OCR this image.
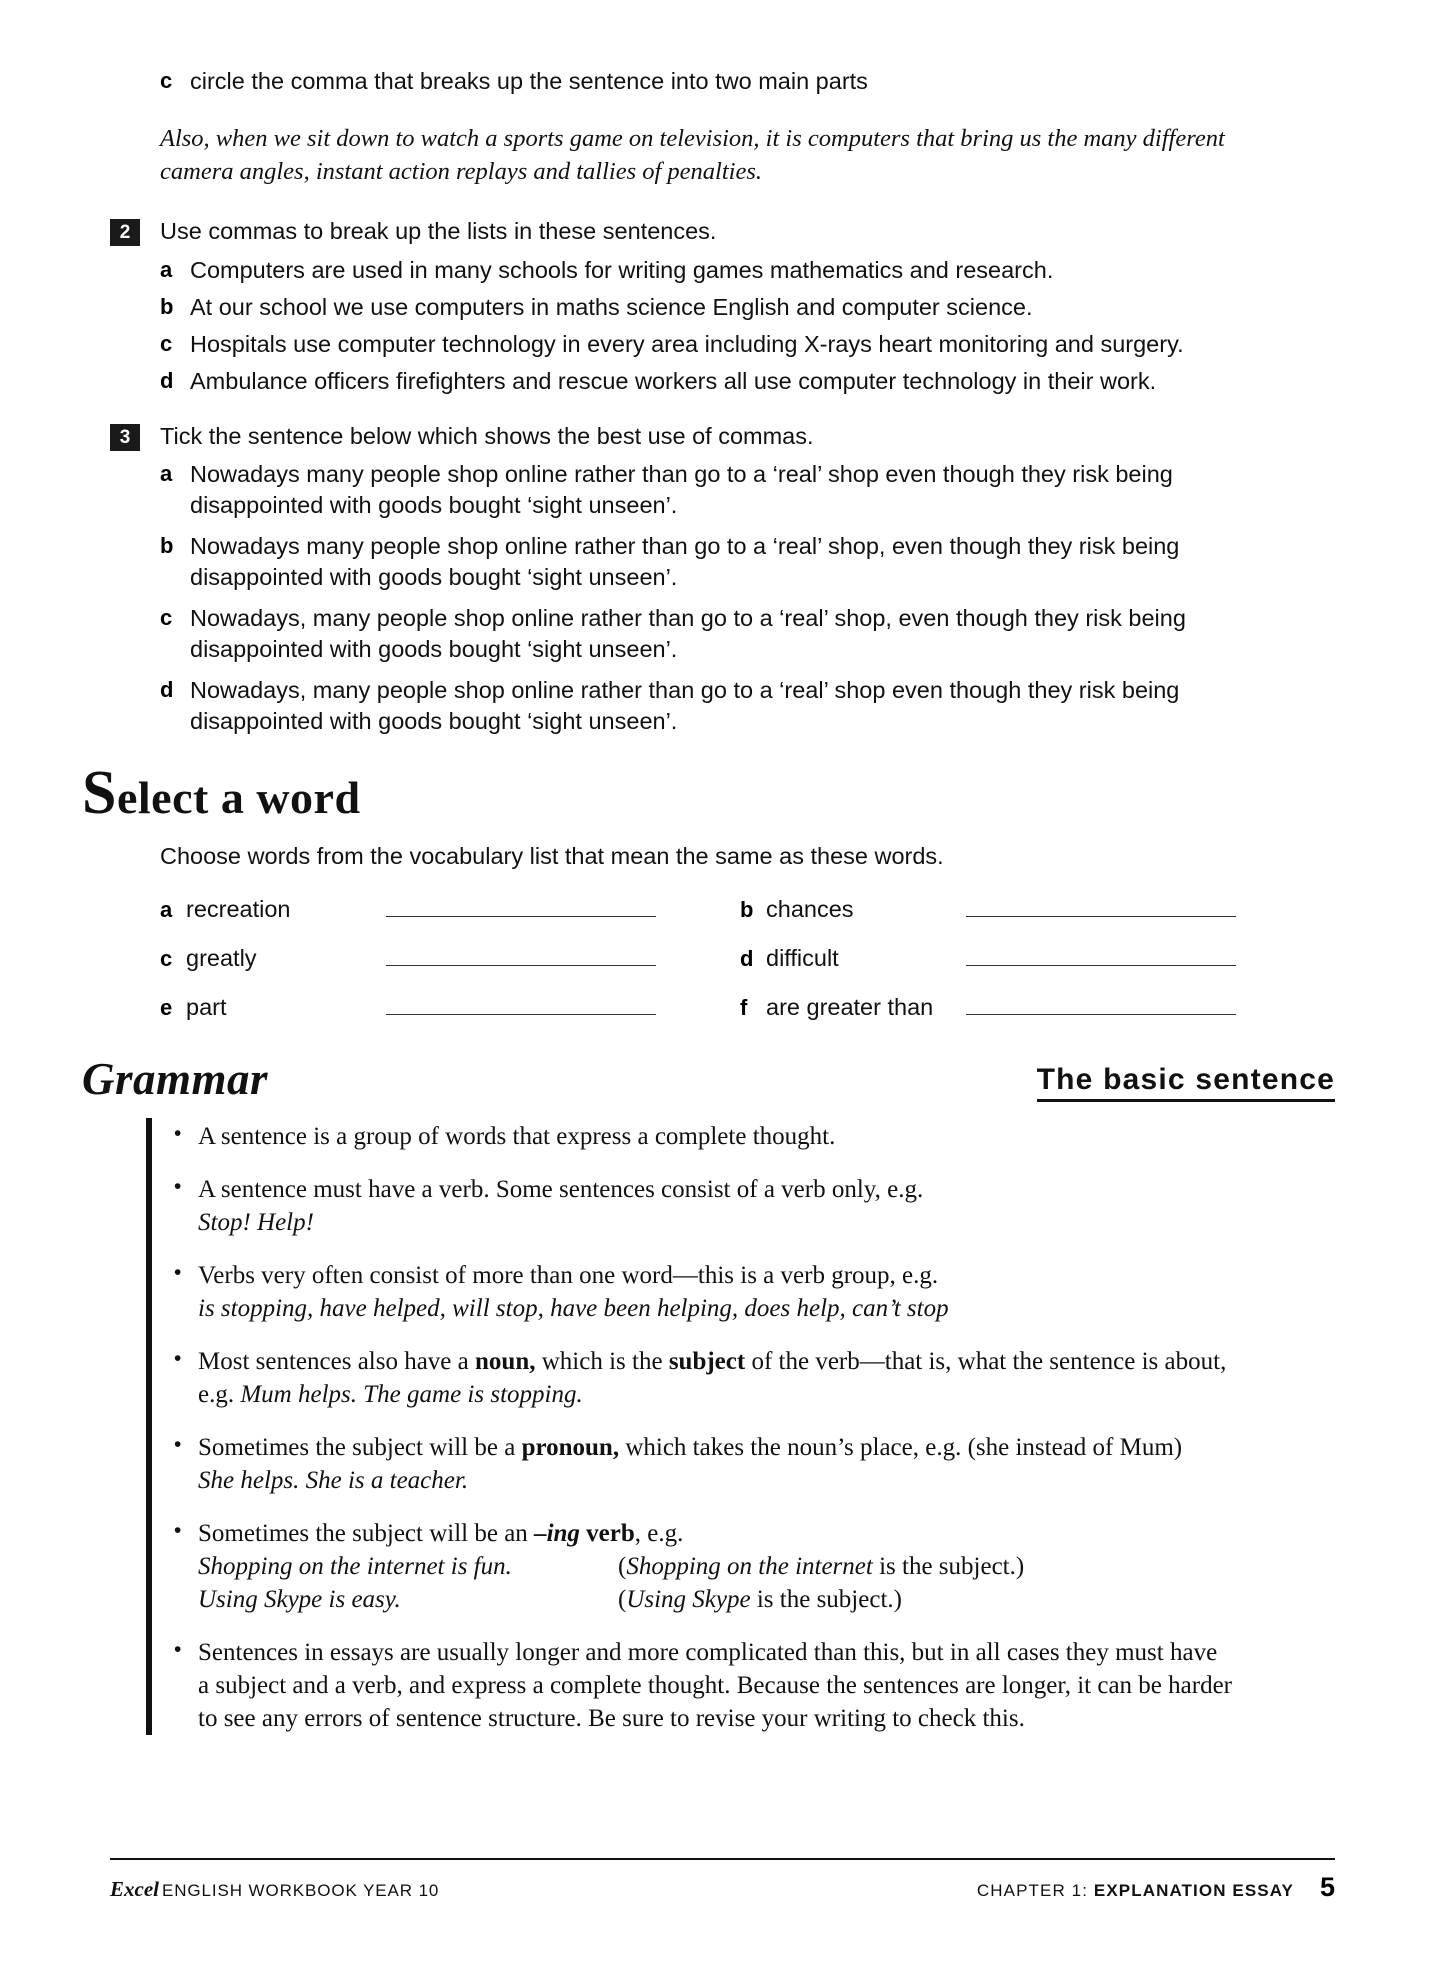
c circle the comma that breaks up the sentence into two main parts
Also, when we sit down to watch a sports game on television, it is computers that bring us the many different camera angles, instant action replays and tallies of penalties.
2	Use commas to break up the lists in these sentences.
a Computers are used in many schools for writing games mathematics and research.
b At our school we use computers in maths science English and computer science.
c Hospitals use computer technology in every area including X-rays heart monitoring and surgery.
d Ambulance officers firefighters and rescue workers all use computer technology in their work.
3	Tick the sentence below which shows the best use of commas.
a Nowadays many people shop online rather than go to a ‘real’ shop even though they risk being disappointed with goods bought ‘sight unseen’.
b Nowadays many people shop online rather than go to a ‘real’ shop, even though they risk being disappointed with goods bought ‘sight unseen’.
c Nowadays, many people shop online rather than go to a ‘real’ shop, even though they risk being disappointed with goods bought ‘sight unseen’.
d Nowadays, many people shop online rather than go to a ‘real’ shop even though they risk being disappointed with goods bought ‘sight unseen’.
Select a word
Choose words from the vocabulary list that mean the same as these words.
a recreation	b chances
c greatly	d difficult
e part	f are greater than
Grammar	The basic sentence
• A sentence is a group of words that express a complete thought.
• A sentence must have a verb. Some sentences consist of a verb only, e.g.
Stop! Help!
• Verbs very often consist of more than one word—this is a verb group, e.g.
is stopping, have helped, will stop, have been helping, does help, can’t stop
• Most sentences also have a noun, which is the subject of the verb—that is, what the sentence is about, e.g. Mum helps. The game is stopping.
• Sometimes the subject will be a pronoun, which takes the noun’s place, e.g. (she instead of Mum)
She helps. She is a teacher.
• Sometimes the subject will be an –ing verb, e.g.
Shopping on the internet is fun.	(Shopping on the internet is the subject.)
Using Skype is easy.	(Using Skype is the subject.)
• Sentences in essays are usually longer and more complicated than this, but in all cases they must have a subject and a verb, and express a complete thought. Because the sentences are longer, it can be harder to see any errors of sentence structure. Be sure to revise your writing to check this.
Excel ENGLISH WORKBOOK YEAR 10	CHAPTER 1: EXPLANATION ESSAY 5
